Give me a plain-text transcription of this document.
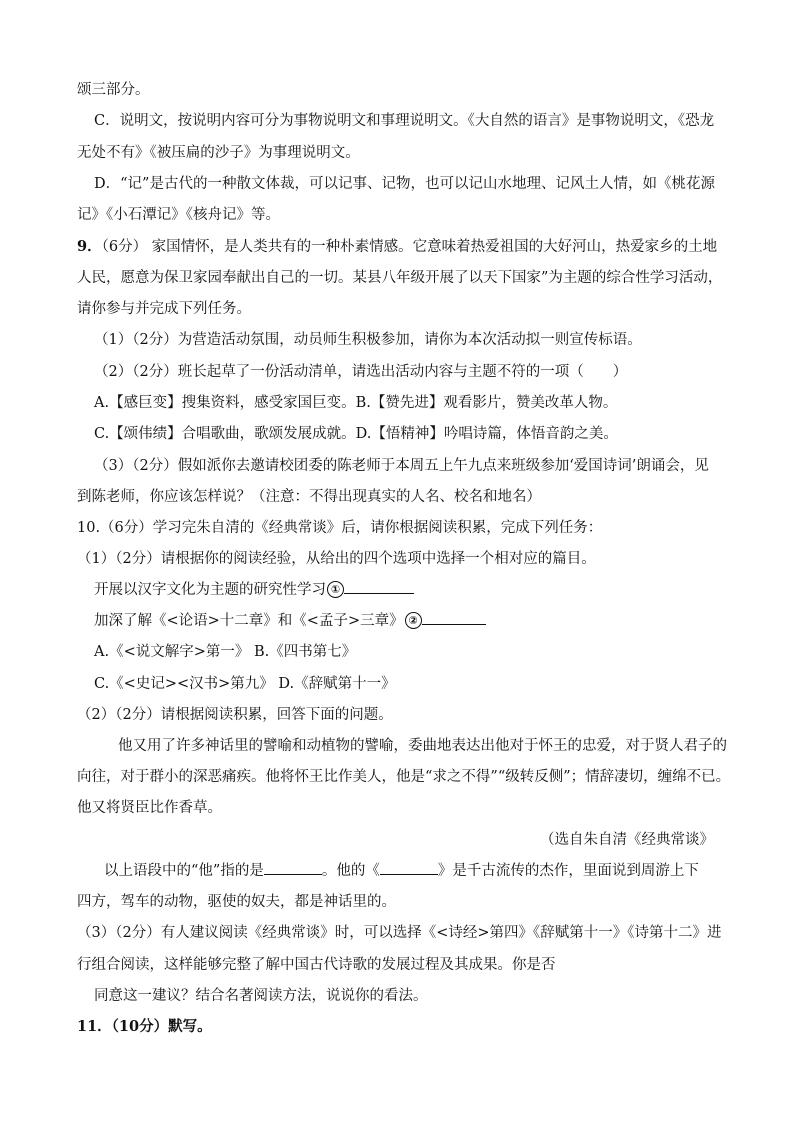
颂三部分。
C．说明文，按说明内容可分为事物说明文和事理说明文。《大自然的语言》是事物说明文，《恐龙
无处不有》《被压扁的沙子》为事理说明文。
D．“记”是古代的一种散文体裁，可以记事、记物，也可以记山水地理、记风土人情，如《桃花源
记》《小石潭记》《核舟记》等。
9．（6分） 家国情怀，是人类共有的一种朴素情感。它意味着热爱祖国的大好河山，热爱家乡的土地
人民，愿意为保卫家园奉献出自己的一切。某县八年级开展了以天下国家”为主题的综合性学习活动，
请你参与并完成下列任务。
（1）（2分）为营造活动氛围，动员师生积极参加，请你为本次活动拟一则宣传标语。
（2）（2分）班长起草了一份活动清单，请选出活动内容与主题不符的一项（　　）
A.【感巨变】搜集资料，感受家国巨变。B.【赞先进】观看影片，赞美改革人物。
C.【颂伟绩】合唱歌曲，歌颂发展成就。D.【悟精神】吟唱诗篇，体悟音韵之美。
（3）（2分）假如派你去邀请校团委的陈老师于本周五上午九点来班级参加‘爱国诗词’朗诵会，见
到陈老师，你应该怎样说？（注意：不得出现真实的人名、校名和地名）
10.（6分）学习完朱自清的《经典常谈》后，请你根据阅读积累，完成下列任务：
（1）（2分）请根据你的阅读经验，从给出的四个选项中选择一个相对应的篇目。
开展以汉字文化为主题的研究性学习 ①
加深了解《<论语>十二章》和《<孟子>三章》 ②
A.《<说文解字>第一》 B.《四书第七》
C.《<史记><汉书>第九》 D.《辞赋第十一》
（2）（2分）请根据阅读积累，回答下面的问题。
他又用了许多神话里的譬喻和动植物的譬喻，委曲地表达出他对于怀王的忠爱，对于贤人君子的
向往，对于群小的深恶痛疾。他将怀王比作美人，他是“求之不得”“级转反侧”；情辞凄切，缠绵不已。
他又将贤臣比作香草。
（选自朱自清《经典常谈》
以上语段中的“他”指的是	。他的《	》是千古流传的杰作，里面说到周游上下
四方，驾车的动物，驱使的奴夫，都是神话里的。
（3）（2分）有人建议阅读《经典常谈》时，可以选择《<诗经>第四》《辞赋第十一》《诗第十二》进
行组合阅读，这样能够完整了解中国古代诗歌的发展过程及其成果。你是否
同意这一建议？结合名著阅读方法，说说你的看法。
11．（10分）默写。
